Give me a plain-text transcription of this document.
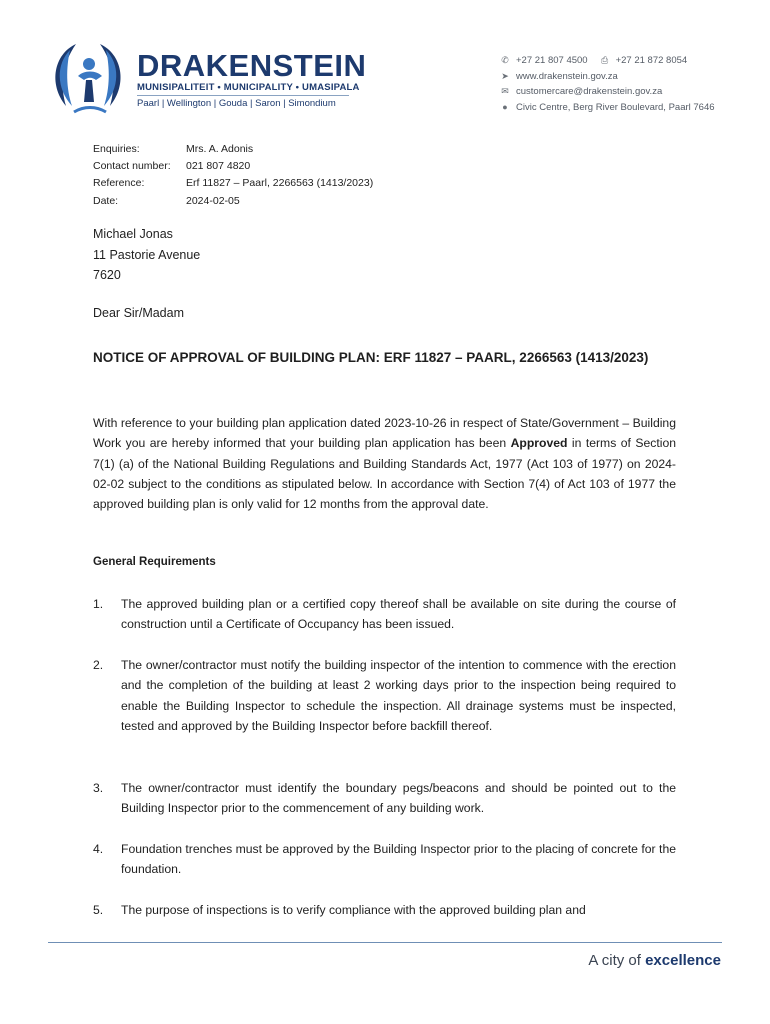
DRAKENSTEIN
MUNISIPALITEIT • MUNICIPALITY • UMASIPALA
Paarl | Wellington | Gouda | Saron | Simondium
✆ +27 21 807 4500 ⎙ +27 21 872 8054
➤ www.drakenstein.gov.za
✉ customercare@drakenstein.gov.za
● Civic Centre, Berg River Boulevard, Paarl 7646
Enquiries:	Mrs. A. Adonis
Contact number:	021 807 4820
Reference:	Erf 11827 – Paarl, 2266563 (1413/2023)
Date:	2024-02-05
Michael Jonas
11 Pastorie Avenue
7620
Dear Sir/Madam
NOTICE OF APPROVAL OF BUILDING PLAN: ERF 11827 – PAARL, 2266563 (1413/2023)
With reference to your building plan application dated 2023-10-26 in respect of State/Government – Building Work you are hereby informed that your building plan application has been Approved in terms of Section 7(1) (a) of the National Building Regulations and Building Standards Act, 1977 (Act 103 of 1977) on 2024-02-02 subject to the conditions as stipulated below. In accordance with Section 7(4) of Act 103 of 1977 the approved building plan is only valid for 12 months from the approval date.
General Requirements
1.	The approved building plan or a certified copy thereof shall be available on site during the course of construction until a Certificate of Occupancy has been issued.
2.	The owner/contractor must notify the building inspector of the intention to commence with the erection and the completion of the building at least 2 working days prior to the inspection being required to enable the Building Inspector to schedule the inspection. All drainage systems must be inspected, tested and approved by the Building Inspector before backfill thereof.
3.	The owner/contractor must identify the boundary pegs/beacons and should be pointed out to the Building Inspector prior to the commencement of any building work.
4.	Foundation trenches must be approved by the Building Inspector prior to the placing of concrete for the foundation.
5.	The purpose of inspections is to verify compliance with the approved building plan and
A city of excellence
